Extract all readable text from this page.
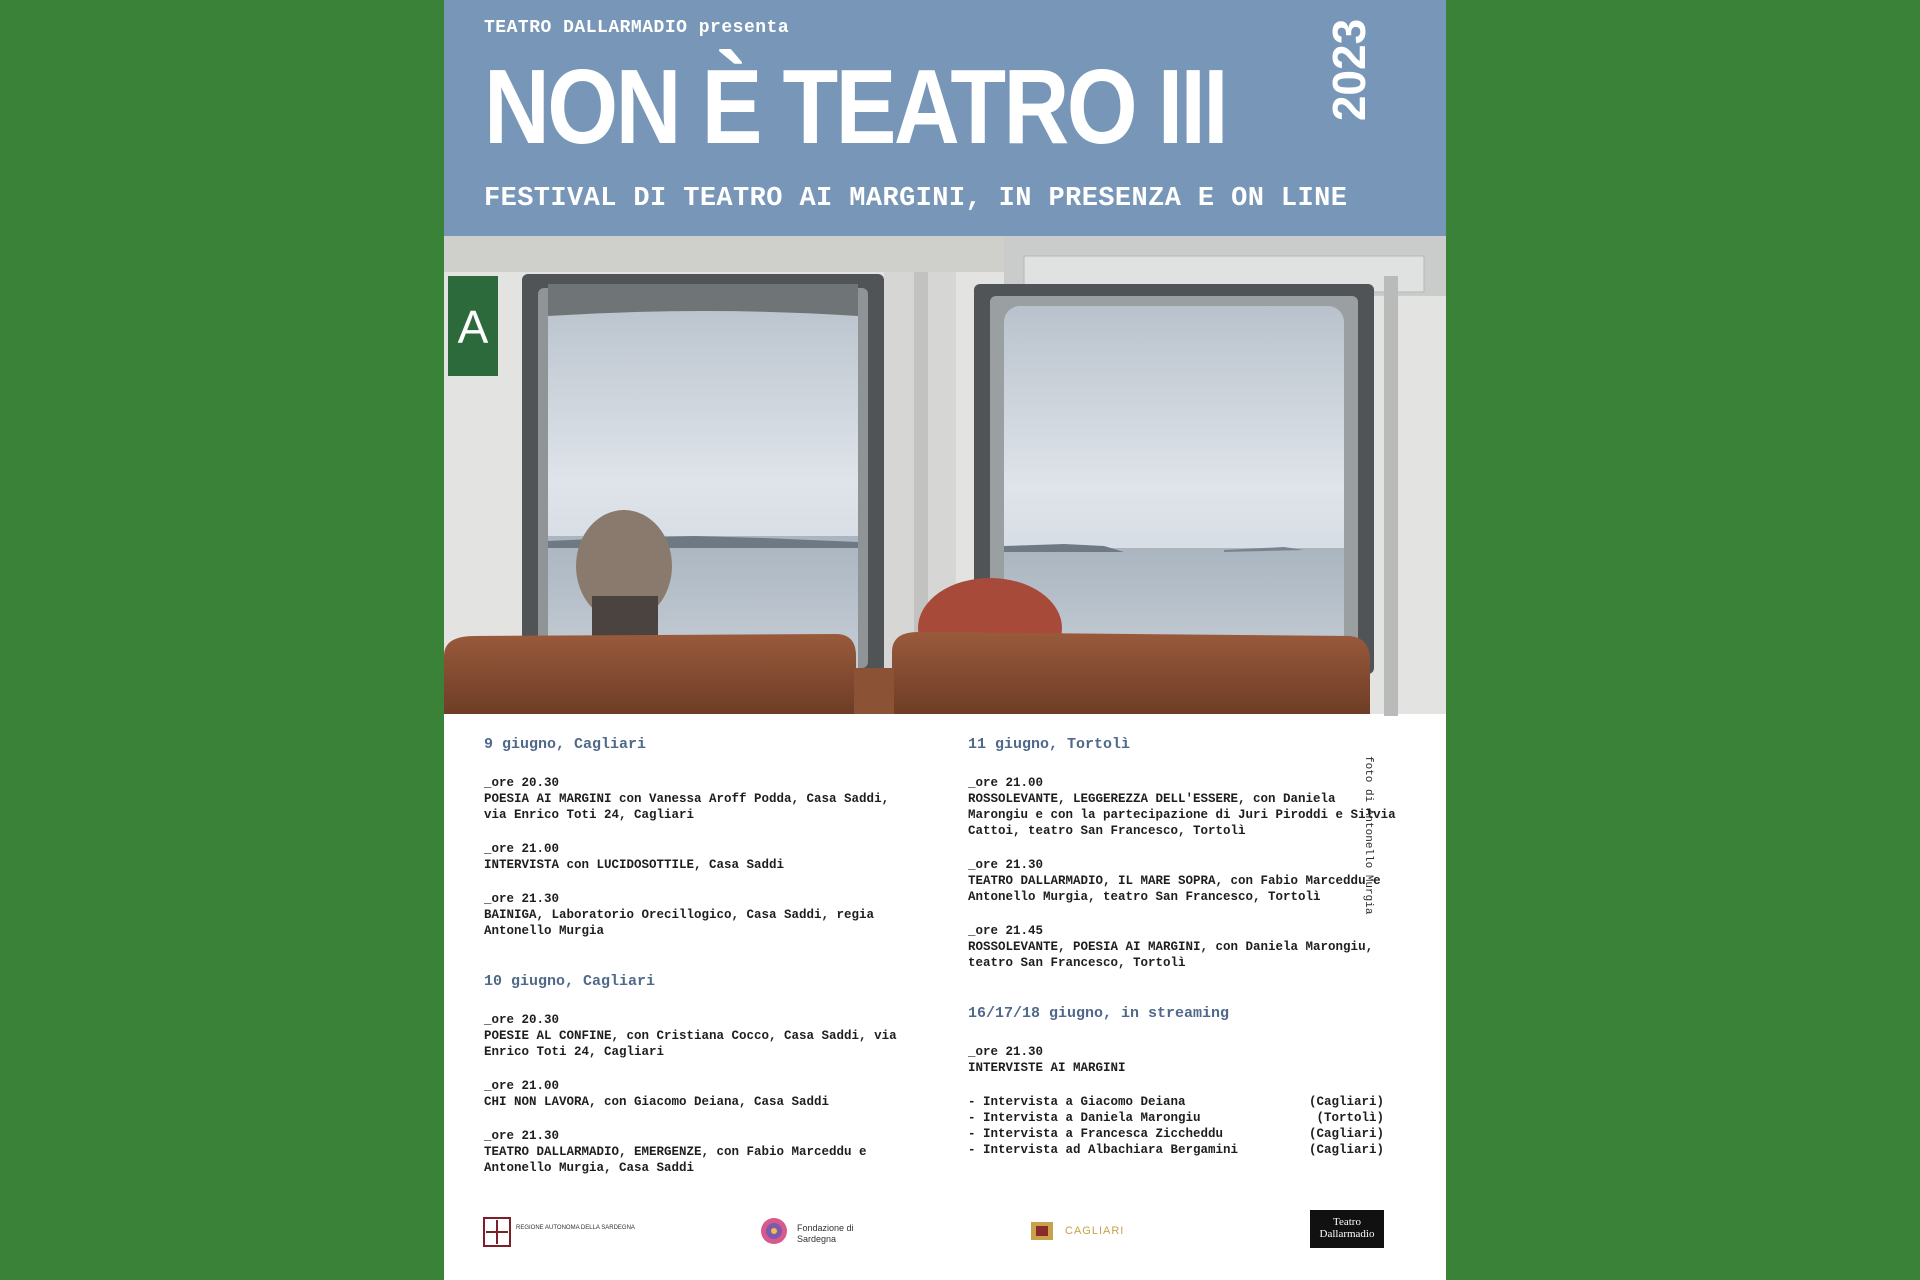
TEATRO DALLARMADIO presenta
NON È TEATRO III 2023
FESTIVAL DI TEATRO AI MARGINI, IN PRESENZA E ON LINE
A
foto di Antonello Murgia
9 giugno, Cagliari
_ore 20.30
POESIA AI MARGINI con Vanessa Aroff Podda, Casa Saddi, via Enrico Toti 24, Cagliari
_ore 21.00
INTERVISTA con LUCIDOSOTTILE, Casa Saddi
_ore 21.30
BAINIGA, Laboratorio Orecillogico, Casa Saddi, regia Antonello Murgia
10 giugno, Cagliari
_ore 20.30
POESIE AL CONFINE, con Cristiana Cocco, Casa Saddi, via Enrico Toti 24, Cagliari
_ore 21.00
CHI NON LAVORA, con Giacomo Deiana, Casa Saddi
_ore 21.30
TEATRO DALLARMADIO, EMERGENZE, con Fabio Marceddu e Antonello Murgia, Casa Saddi
11 giugno, Tortolì
_ore 21.00
ROSSOLEVANTE, LEGGEREZZA DELL'ESSERE, con Daniela Marongiu e con la partecipazione di Juri Piroddi e Silvia Cattoi, teatro San Francesco, Tortolì
_ore 21.30
TEATRO DALLARMADIO, IL MARE SOPRA, con Fabio Marceddu e Antonello Murgia, teatro San Francesco, Tortolì
_ore 21.45
ROSSOLEVANTE, POESIA AI MARGINI, con Daniela Marongiu, teatro San Francesco, Tortolì
16/17/18 giugno, in streaming
_ore 21.30
INTERVISTE AI MARGINI
- Intervista a Giacomo Deiana	(Cagliari)
- Intervista a Daniela Marongiu	(Tortolì)
- Intervista a Francesca Ziccheddu	(Cagliari)
- Intervista ad Albachiara Bergamini	(Cagliari)
REGIONE AUTONOMA DELLA SARDEGNA	Fondazione di Sardegna
CAGLIARI
Teatro Dallarmadio
